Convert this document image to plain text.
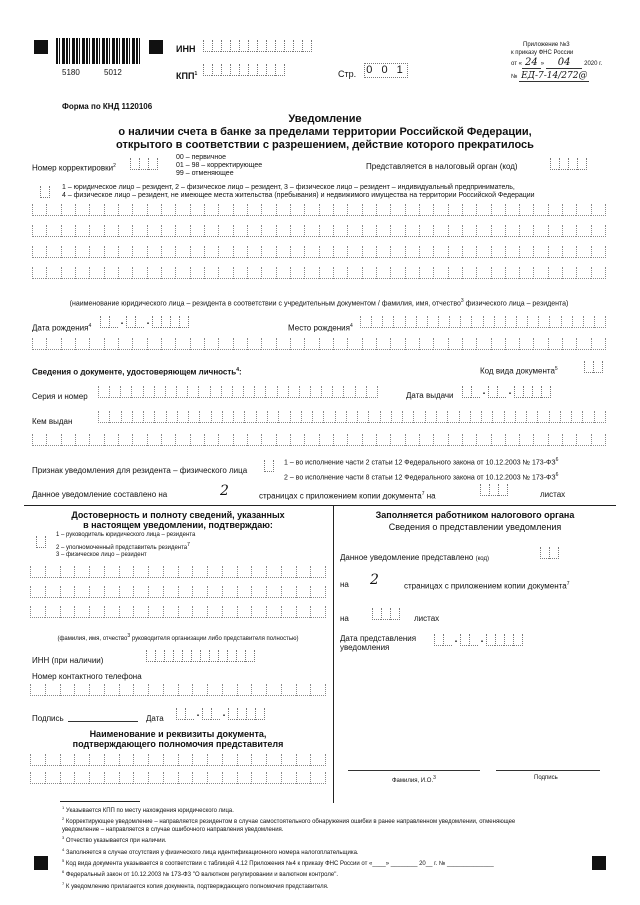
5180	5012
ИНН
КПП$^1$	Стр. 0 0 1
Приложение №3
к приказу ФНС России
от « 24 » 04 2020 г.
№ ЕД-7-14/272@
Форма по КНД 1120106
Уведомление
о наличии счета в банке за пределами территории Российской Федерации,
открытого в соответствии с разрешением, действие которого прекратилось
Номер корректировки$^2$
00 – первичное
01 – 98 – корректирующее
99 – отменяющее
Представляется в налоговый орган (код)
1 – юридическое лицо – резидент, 2 – физическое лицо – резидент, 3 – физическое лицо – резидент – индивидуальный предприниматель,
4 – физическое лицо – резидент, не имеющее места жительства (пребывания) и недвижимого имущества на территории Российской Федерации
(наименование юридического лица – резидента в соответствии с учредительным документом / фамилия, имя, отчество$^3$ физического лица – резидента)
Дата рождения$^4$	. .
Место рождения$^4$
Сведения о документе, удостоверяющем личность$^4$:	Код вида документа$^5$
Серия и номер	Дата выдачи	. .
Кем выдан
Признак уведомления для резидента – физического лица
1 – во исполнение части 2 статьи 12 Федерального закона от 10.12.2003 № $173-ФЗ^6$
2 – во исполнение части 8 статьи 12 Федерального закона от 10.12.2003 № $173-ФЗ^6$
Данное уведомление составлено на	2	страницах с приложением копии документа$^7$ на	листах
Достоверность и полноту сведений, указанных
в настоящем уведомлении, подтверждаю:
1 – руководитель юридического лица – резидента
2 – уполномоченный представитель резидента$^7$
3 – физическое лицо – резидент
(фамилия, имя, отчество$^3$ руководителя организации либо представителя полностью)
ИНН (при наличии)
Номер контактного телефона
Подпись	Дата	. .
Наименование и реквизиты документа,
подтверждающего полномочия представителя
Заполняется работником налогового органа
Сведения о представлении уведомления
Данное уведомление представлено (код)
на 2	страницах с приложением копии документа$^7$
на	листах
Дата представления
уведомления
. .
Фамилия, И.О.$^3$	Подпись
$^1$ Указывается КПП по месту нахождения юридического лица.
$^2$ Корректирующее уведомление – направляется резидентом в случае самостоятельного обнаружения ошибки в ранее направленном уведомлении, отменяющее
уведомление – направляется в случае ошибочного направления уведомления.
$^3$ Отчество указывается при наличии.
$^4$ Заполняется в случае отсутствия у физического лица идентификационного номера налогоплательщика.
$^5$ Код вида документа указывается в соответствии с таблицей 4.12 Приложения №4 к приказу ФНС России от «____» ________ 20__ г. № ______________
$^6$ Федеральный закон от 10.12.2003 № 173-ФЗ "О валютном регулировании и валютном контроле".
$^7$ К уведомлению прилагается копия документа, подтверждающего полномочия представителя.
